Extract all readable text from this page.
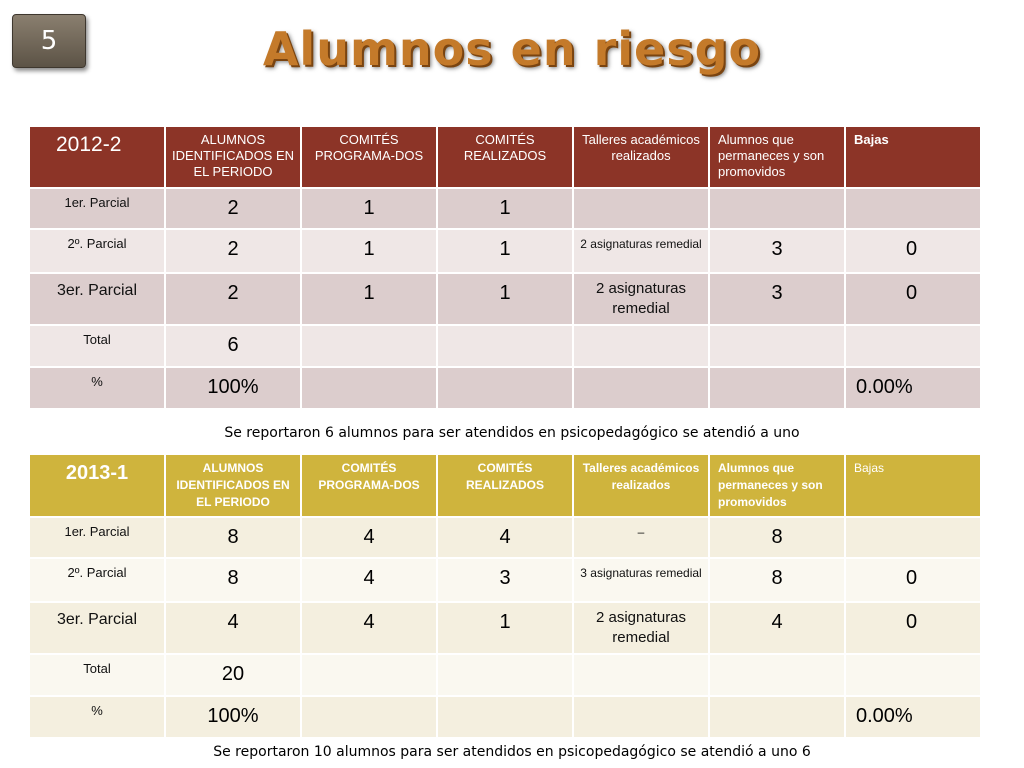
5	Alumnos en riesgo
2012-2	ALUMNOS IDENTIFICADOS EN EL PERIODO	COMITÉS PROGRAMA-DOS	COMITÉS REALIZADOS	Talleres académicos realizados	Alumnos que permaneces y son promovidos	Bajas
1er. Parcial	2	1	1			
2º. Parcial	2	1	1	2 asignaturas remedial	3	0
3er. Parcial	2	1	1	2 asignaturas remedial	3	0
Total	6					
%	100%					0.00%
Se reportaron 6 alumnos para ser atendidos en psicopedagógico se atendió a uno
2013-1	ALUMNOS IDENTIFICADOS EN EL PERIODO	COMITÉS PROGRAMA-DOS	COMITÉS REALIZADOS	Talleres académicos realizados	Alumnos que permaneces y son promovidos	Bajas
1er. Parcial	8	4	4	–	8	
2º. Parcial	8	4	3	3 asignaturas remedial	8	0
3er. Parcial	4	4	1	2 asignaturas remedial	4	0
Total	20					
%	100%					0.00%
Se reportaron 10 alumnos para ser atendidos en psicopedagógico se atendió a uno 6
